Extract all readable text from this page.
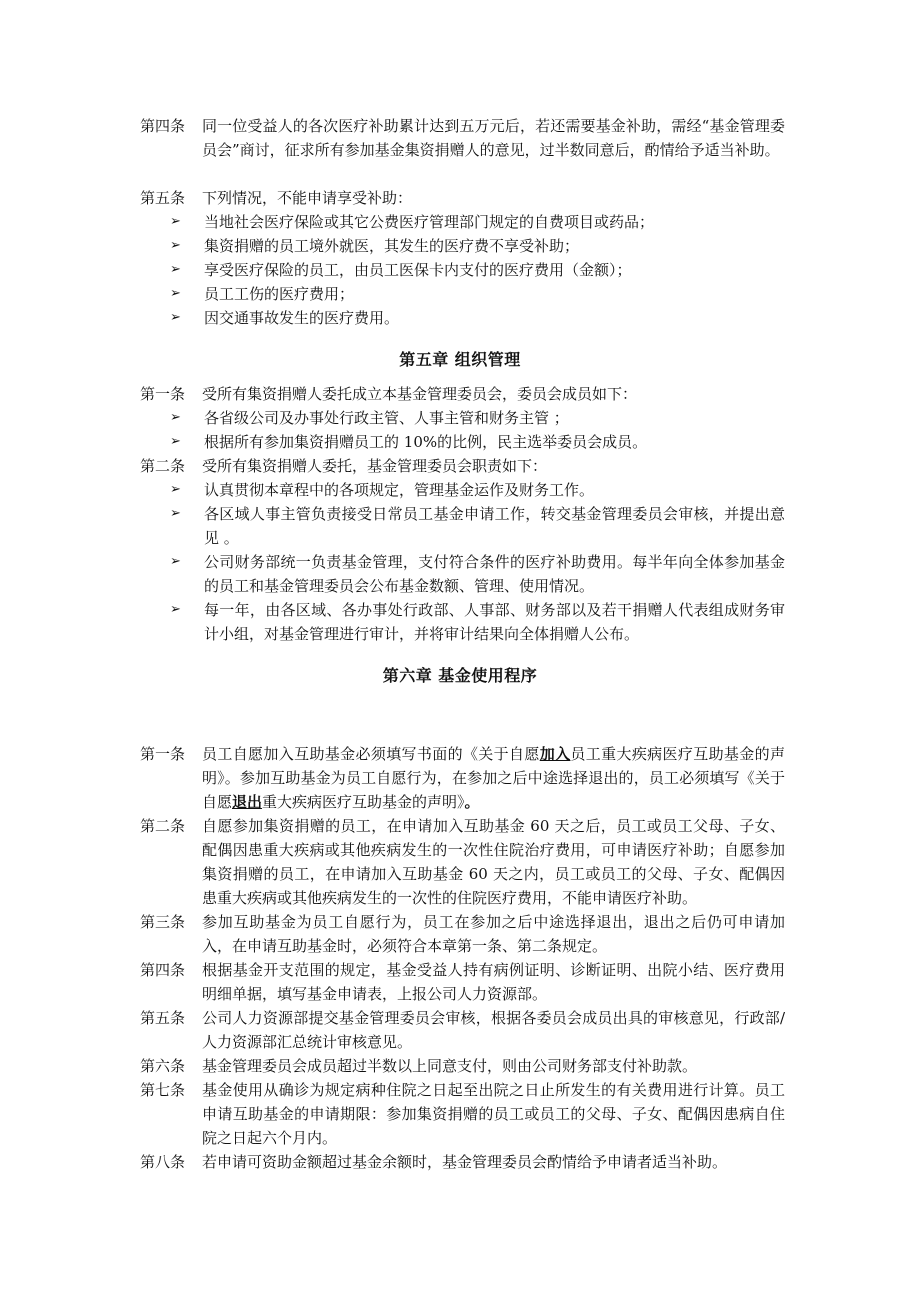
第四条	同一位受益人的各次医疗补助累计达到五万元后，若还需要基金补助，需经“基金管理委员会”商讨，征求所有参加基金集资捐赠人的意见，过半数同意后，酌情给予适当补助。
第五条	下列情况，不能申请享受补助：
➢	当地社会医疗保险或其它公费医疗管理部门规定的自费项目或药品；
➢	集资捐赠的员工境外就医，其发生的医疗费不享受补助；
➢	享受医疗保险的员工，由员工医保卡内支付的医疗费用（金额）；
➢	员工工伤的医疗费用；
➢	因交通事故发生的医疗费用。
第五章 组织管理
第一条	受所有集资捐赠人委托成立本基金管理委员会，委员会成员如下：
➢	各省级公司及办事处行政主管、人事主管和财务主管 ；
➢	根据所有参加集资捐赠员工的 10%的比例，民主选举委员会成员。
第二条	受所有集资捐赠人委托，基金管理委员会职责如下：
➢	认真贯彻本章程中的各项规定，管理基金运作及财务工作。
➢	各区域人事主管负责接受日常员工基金申请工作，转交基金管理委员会审核，并提出意见 。
➢	公司财务部统一负责基金管理，支付符合条件的医疗补助费用。每半年向全体参加基金的员工和基金管理委员会公布基金数额、管理、使用情况。
➢	每一年，由各区域、各办事处行政部、人事部、财务部以及若干捐赠人代表组成财务审计小组，对基金管理进行审计，并将审计结果向全体捐赠人公布。
第六章 基金使用程序
第一条	员工自愿加入互助基金必须填写书面的《关于自愿加入员工重大疾病医疗互助基金的声明》。参加互助基金为员工自愿行为，在参加之后中途选择退出的，员工必须填写《关于自愿退出重大疾病医疗互助基金的声明》。
第二条	自愿参加集资捐赠的员工，在申请加入互助基金 60 天之后，员工或员工父母、子女、配偶因患重大疾病或其他疾病发生的一次性住院治疗费用，可申请医疗补助；自愿参加集资捐赠的员工，在申请加入互助基金 60 天之内，员工或员工的父母、子女、配偶因患重大疾病或其他疾病发生的一次性的住院医疗费用，不能申请医疗补助。
第三条	参加互助基金为员工自愿行为，员工在参加之后中途选择退出，退出之后仍可申请加入，在申请互助基金时，必须符合本章第一条、第二条规定。
第四条	根据基金开支范围的规定，基金受益人持有病例证明、诊断证明、出院小结、医疗费用明细单据，填写基金申请表，上报公司人力资源部。
第五条	公司人力资源部提交基金管理委员会审核，根据各委员会成员出具的审核意见，行政部/人力资源部汇总统计审核意见。
第六条	基金管理委员会成员超过半数以上同意支付，则由公司财务部支付补助款。
第七条	基金使用从确诊为规定病种住院之日起至出院之日止所发生的有关费用进行计算。员工申请互助基金的申请期限：参加集资捐赠的员工或员工的父母、子女、配偶因患病自住院之日起六个月内。
第八条	若申请可资助金额超过基金余额时，基金管理委员会酌情给予申请者适当补助。
